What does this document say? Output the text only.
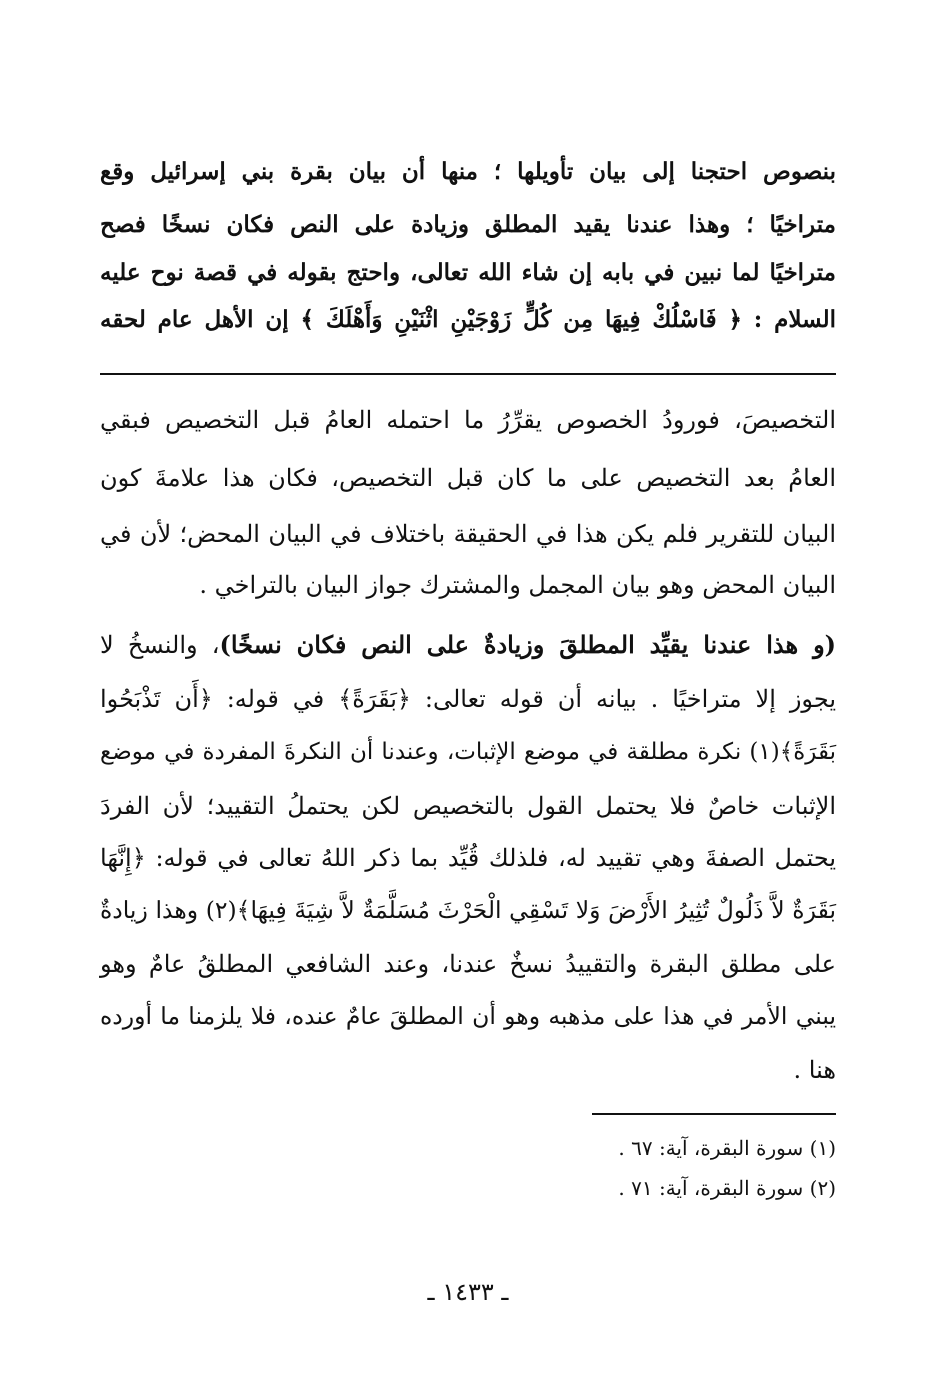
بنصوص احتجنا إلى بيان تأويلها ؛ منها أن بيان بقرة بني إسرائيل وقع
متراخيًا ؛ وهذا عندنا يقيد المطلق وزيادة على النص فكان نسخًا فصح
متراخيًا لما نبين في بابه إن شاء الله تعالى، واحتج بقوله في قصة نوح عليه
السلام : ﴿ فَاسْلُكْ فِيهَا مِن كُلٍّ زَوْجَيْنِ اثْنَيْنِ وَأَهْلَكَ ﴾ إن الأهل عام لحقه
التخصيصَ، فورودُ الخصوص يقرِّرُ ما احتمله العامُ قبل التخصيص فبقي
العامُ بعد التخصيص على ما كان قبل التخصيص، فكان هذا علامةَ كون
البيان للتقرير فلم يكن هذا في الحقيقة باختلاف في البيان المحض؛ لأن في
البيان المحض وهو بيان المجمل والمشترك جواز البيان بالتراخي .
(و هذا عندنا يقيِّد المطلقَ وزيادةٌ على النص فكان نسخًا)، والنسخُ لا
يجوز إلا متراخيًا . بيانه أن قوله تعالى: ﴿بَقَرَةً﴾ في قوله: ﴿أَن تَذْبَحُوا
بَقَرَةً﴾(١) نكرة مطلقة في موضع الإثبات، وعندنا أن النكرةَ المفردة في موضع
الإثبات خاصٌ فلا يحتمل القول بالتخصيص لكن يحتملُ التقييد؛ لأن الفردَ
يحتمل الصفةَ وهي تقييد له، فلذلك قُيِّد بما ذكر اللهُ تعالى في قوله: ﴿إِنَّهَا
بَقَرَةٌ لاَّ ذَلُولٌ تُثِيرُ الأَرْضَ وَلا تَسْقِي الْحَرْثَ مُسَلَّمَةٌ لاَّ شِيَةَ فِيهَا﴾(٢) وهذا زيادةٌ
على مطلق البقرة والتقييدُ نسخٌ عندنا، وعند الشافعي المطلقُ عامٌ وهو
يبني الأمر في هذا على مذهبه وهو أن المطلقَ عامٌ عنده، فلا يلزمنا ما أورده
هنا .
(١) سورة البقرة، آية: ٦٧ .
(٢) سورة البقرة، آية: ٧١ .
ـ ١٤٣٣ ـ
